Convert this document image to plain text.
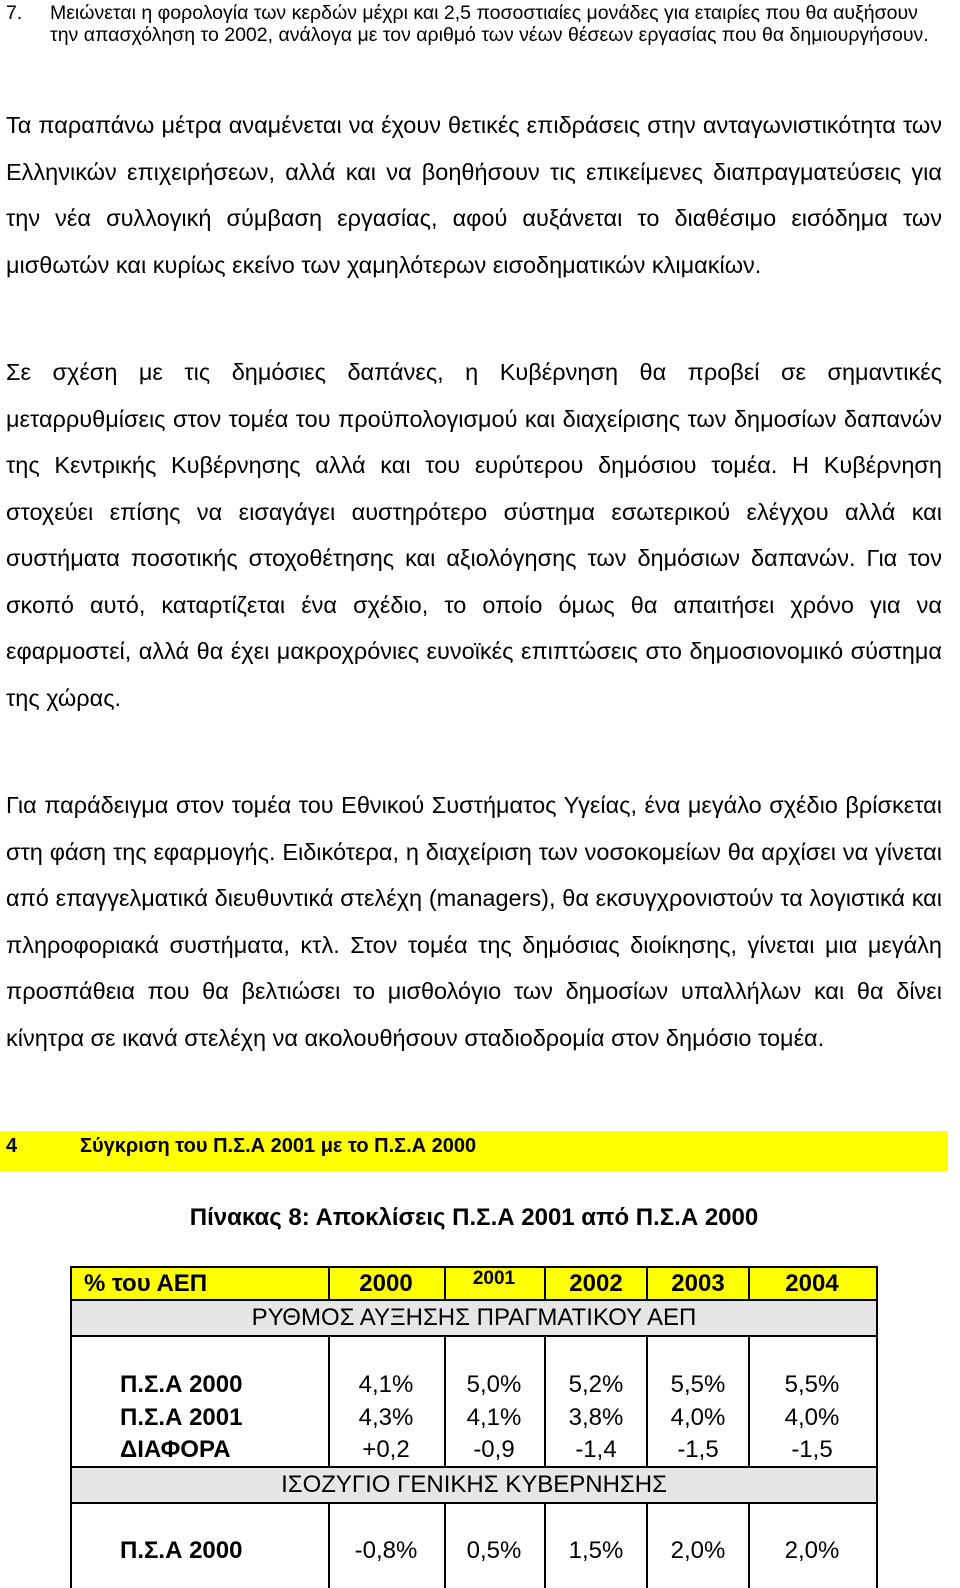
7. Μειώνεται η φορολογία των κερδών μέχρι και 2,5 ποσοστιαίες μονάδες για εταιρίες που θα αυξήσουν την απασχόληση το 2002, ανάλογα με τον αριθμό των νέων θέσεων εργασίας που θα δημιουργήσουν.
Τα παραπάνω μέτρα αναμένεται να έχουν θετικές επιδράσεις στην ανταγωνιστικότητα των Ελληνικών επιχειρήσεων, αλλά και να βοηθήσουν τις επικείμενες διαπραγματεύσεις για την νέα συλλογική σύμβαση εργασίας, αφού αυξάνεται το διαθέσιμο εισόδημα των μισθωτών και κυρίως εκείνο των χαμηλότερων εισοδηματικών κλιμακίων.
Σε σχέση με τις δημόσιες δαπάνες, η Κυβέρνηση θα προβεί σε σημαντικές μεταρρυθμίσεις στον τομέα του προϋπολογισμού και διαχείρισης των δημοσίων δαπανών της Κεντρικής Κυβέρνησης αλλά και του ευρύτερου δημόσιου τομέα. Η Κυβέρνηση στοχεύει επίσης να εισαγάγει αυστηρότερο σύστημα εσωτερικού ελέγχου αλλά και συστήματα ποσοτικής στοχοθέτησης και αξιολόγησης των δημόσιων δαπανών. Για τον σκοπό αυτό, καταρτίζεται ένα σχέδιο, το οποίο όμως θα απαιτήσει χρόνο για να εφαρμοστεί, αλλά θα έχει μακροχρόνιες ευνοϊκές επιπτώσεις στο δημοσιονομικό σύστημα της χώρας.
Για παράδειγμα στον τομέα του Εθνικού Συστήματος Υγείας, ένα μεγάλο σχέδιο βρίσκεται στη φάση της εφαρμογής. Ειδικότερα, η διαχείριση των νοσοκομείων θα αρχίσει να γίνεται από επαγγελματικά διευθυντικά στελέχη (managers), θα εκσυγχρονιστούν τα λογιστικά και πληροφοριακά συστήματα, κτλ. Στον τομέα της δημόσιας διοίκησης, γίνεται μια μεγάλη προσπάθεια που θα βελτιώσει το μισθολόγιο των δημοσίων υπαλλήλων και θα δίνει κίνητρα σε ικανά στελέχη να ακολουθήσουν σταδιοδρομία στον δημόσιο τομέα.
4	Σύγκριση του Π.Σ.Α 2001 με το Π.Σ.Α 2000
Πίνακας 8: Αποκλίσεις Π.Σ.Α 2001 από Π.Σ.Α 2000
% του ΑΕΠ	2000	2001	2002	2003	2004
ΡΥΘΜΟΣ ΑΥΞΗΣΗΣ ΠΡΑΓΜΑΤΙΚΟΥ ΑΕΠ
Π.Σ.Α 2000	4,1%	5,0%	5,2%	5,5%	5,5%
Π.Σ.Α 2001	4,3%	4,1%	3,8%	4,0%	4,0%
ΔΙΑΦΟΡΑ	+0,2	-0,9	-1,4	-1,5	-1,5
ΙΣΟΖΥΓΙΟ ΓΕΝΙΚΗΣ ΚΥΒΕΡΝΗΣΗΣ
Π.Σ.Α 2000	-0,8%	0,5%	1,5%	2,0%	2,0%
